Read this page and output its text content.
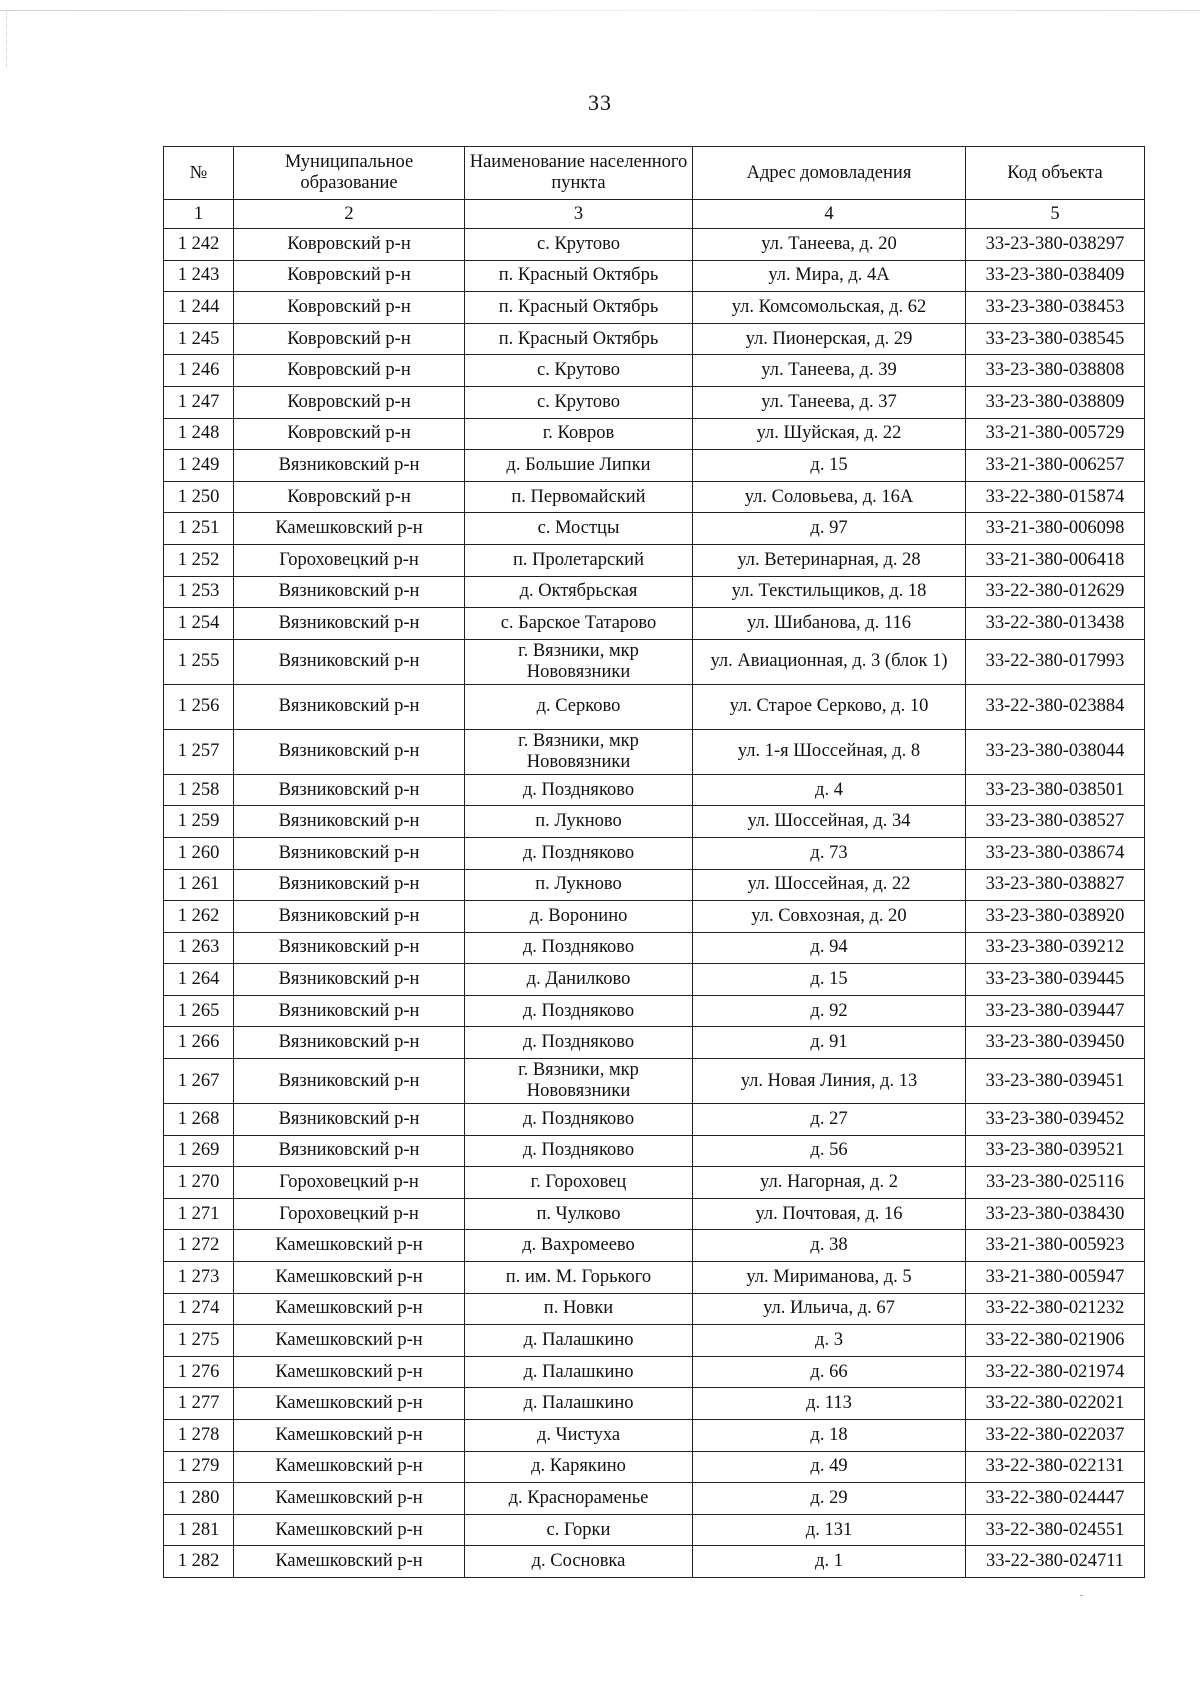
33
№	Муниципальное образование	Наименование населенного пункта	Адрес домовладения	Код объекта
1	2	3	4	5
1 242	Ковровский р-н	с. Крутово	ул. Танеева, д. 20	33-23-380-038297
1 243	Ковровский р-н	п. Красный Октябрь	ул. Мира, д. 4А	33-23-380-038409
1 244	Ковровский р-н	п. Красный Октябрь	ул. Комсомольская, д. 62	33-23-380-038453
1 245	Ковровский р-н	п. Красный Октябрь	ул. Пионерская, д. 29	33-23-380-038545
1 246	Ковровский р-н	с. Крутово	ул. Танеева, д. 39	33-23-380-038808
1 247	Ковровский р-н	с. Крутово	ул. Танеева, д. 37	33-23-380-038809
1 248	Ковровский р-н	г. Ковров	ул. Шуйская, д. 22	33-21-380-005729
1 249	Вязниковский р-н	д. Большие Липки	д. 15	33-21-380-006257
1 250	Ковровский р-н	п. Первомайский	ул. Соловьева, д. 16А	33-22-380-015874
1 251	Камешковский р-н	с. Мостцы	д. 97	33-21-380-006098
1 252	Гороховецкий р-н	п. Пролетарский	ул. Ветеринарная, д. 28	33-21-380-006418
1 253	Вязниковский р-н	д. Октябрьская	ул. Текстильщиков, д. 18	33-22-380-012629
1 254	Вязниковский р-н	с. Барское Татарово	ул. Шибанова, д. 116	33-22-380-013438
1 255	Вязниковский р-н	г. Вязники, мкр Нововязники	ул. Авиационная, д. 3 (блок 1)	33-22-380-017993
1 256	Вязниковский р-н	д. Серково	ул. Старое Серково, д. 10	33-22-380-023884
1 257	Вязниковский р-н	г. Вязники, мкр Нововязники	ул. 1-я Шоссейная, д. 8	33-23-380-038044
1 258	Вязниковский р-н	д. Поздняково	д. 4	33-23-380-038501
1 259	Вязниковский р-н	п. Лукново	ул. Шоссейная, д. 34	33-23-380-038527
1 260	Вязниковский р-н	д. Поздняково	д. 73	33-23-380-038674
1 261	Вязниковский р-н	п. Лукново	ул. Шоссейная, д. 22	33-23-380-038827
1 262	Вязниковский р-н	д. Воронино	ул. Совхозная, д. 20	33-23-380-038920
1 263	Вязниковский р-н	д. Поздняково	д. 94	33-23-380-039212
1 264	Вязниковский р-н	д. Данилково	д. 15	33-23-380-039445
1 265	Вязниковский р-н	д. Поздняково	д. 92	33-23-380-039447
1 266	Вязниковский р-н	д. Поздняково	д. 91	33-23-380-039450
1 267	Вязниковский р-н	г. Вязники, мкр Нововязники	ул. Новая Линия, д. 13	33-23-380-039451
1 268	Вязниковский р-н	д. Поздняково	д. 27	33-23-380-039452
1 269	Вязниковский р-н	д. Поздняково	д. 56	33-23-380-039521
1 270	Гороховецкий р-н	г. Гороховец	ул. Нагорная, д. 2	33-23-380-025116
1 271	Гороховецкий р-н	п. Чулково	ул. Почтовая, д. 16	33-23-380-038430
1 272	Камешковский р-н	д. Вахромеево	д. 38	33-21-380-005923
1 273	Камешковский р-н	п. им. М. Горького	ул. Мириманова, д. 5	33-21-380-005947
1 274	Камешковский р-н	п. Новки	ул. Ильича, д. 67	33-22-380-021232
1 275	Камешковский р-н	д. Палашкино	д. 3	33-22-380-021906
1 276	Камешковский р-н	д. Палашкино	д. 66	33-22-380-021974
1 277	Камешковский р-н	д. Палашкино	д. 113	33-22-380-022021
1 278	Камешковский р-н	д. Чистуха	д. 18	33-22-380-022037
1 279	Камешковский р-н	д. Карякино	д. 49	33-22-380-022131
1 280	Камешковский р-н	д. Краснораменье	д. 29	33-22-380-024447
1 281	Камешковский р-н	с. Горки	д. 131	33-22-380-024551
1 282	Камешковский р-н	д. Сосновка	д. 1	33-22-380-024711
